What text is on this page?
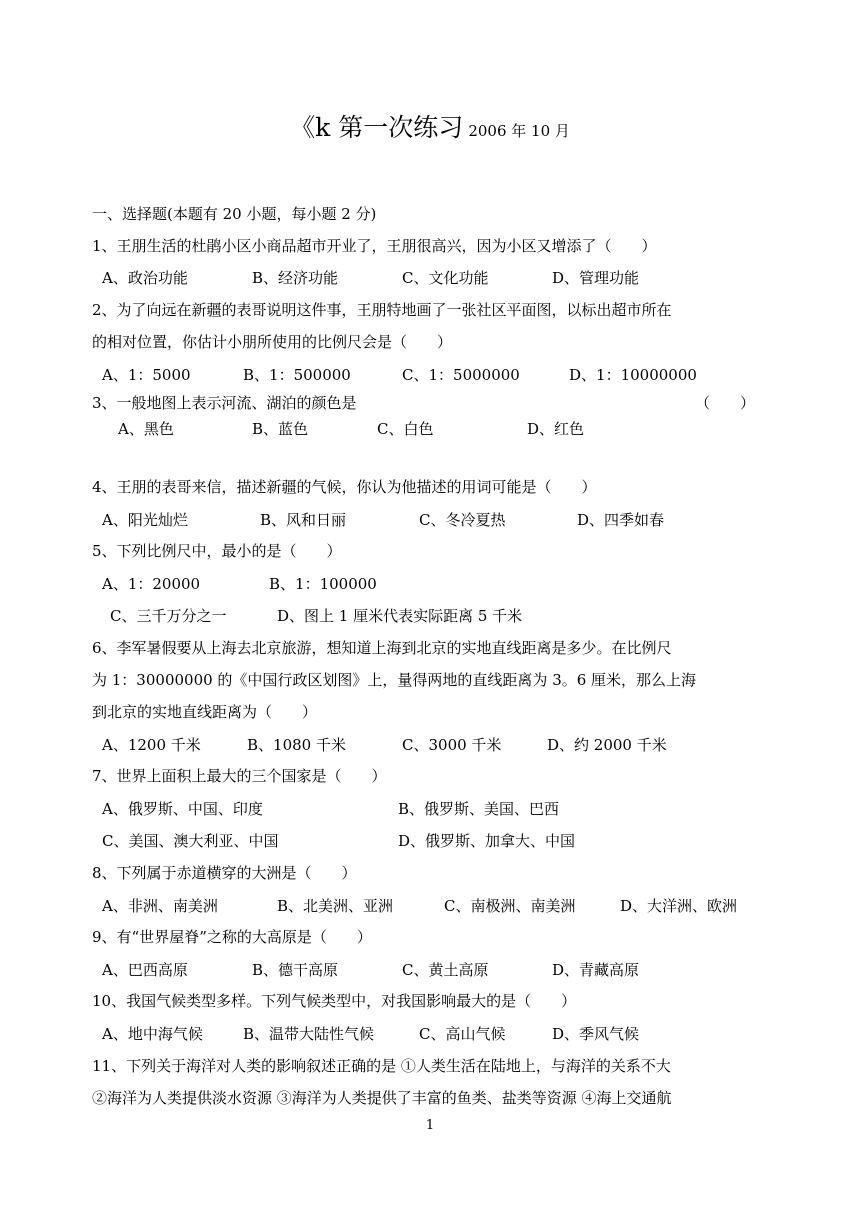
《k 第一次练习 2006 年 10 月
一、选择题(本题有 20 小题，每小题 2 分)
1、王朋生活的杜鹃小区小商品超市开业了，王朋很高兴，因为小区又增添了（　　）
A、政治功能	B、经济功能	C、文化功能	D、管理功能
2、为了向远在新疆的表哥说明这件事，王朋特地画了一张社区平面图，以标出超市所在
的相对位置，你估计小朋所使用的比例尺会是（　　）
A、1：5000	B、1：500000	C、1：5000000	D、1：10000000
3、一般地图上表示河流、湖泊的颜色是	（　　）
A、黑色	B、蓝色	C、白色	D、红色
4、王朋的表哥来信，描述新疆的气候，你认为他描述的用词可能是（　　）
A、阳光灿烂	B、风和日丽	C、冬冷夏热	D、四季如春
5、下列比例尺中，最小的是（　　）
A、1：20000	B、1：100000
C、三千万分之一	D、图上 1 厘米代表实际距离 5 千米
6、李军暑假要从上海去北京旅游，想知道上海到北京的实地直线距离是多少。在比例尺
为 1：30000000 的《中国行政区划图》上，量得两地的直线距离为 3。6 厘米，那么上海
到北京的实地直线距离为（　　）
A、1200 千米	B、1080 千米	C、3000 千米	D、约 2000 千米
7、世界上面积上最大的三个国家是（　　）
A、俄罗斯、中国、印度	B、俄罗斯、美国、巴西
C、美国、澳大利亚、中国	D、俄罗斯、加拿大、中国
8、下列属于赤道横穿的大洲是（　　）
A、非洲、南美洲	B、北美洲、亚洲	C、南极洲、南美洲	D、大洋洲、欧洲
9、有“世界屋脊”之称的大高原是（　　）
A、巴西高原	B、德干高原	C、黄土高原	D、青藏高原
10、我国气候类型多样。下列气候类型中，对我国影响最大的是（　　）
A、地中海气候	B、温带大陆性气候	C、高山气候	D、季风气候
11、下列关于海洋对人类的影响叙述正确的是 ①人类生活在陆地上，与海洋的关系不大
②海洋为人类提供淡水资源 ③海洋为人类提供了丰富的鱼类、盐类等资源 ④海上交通航
1
